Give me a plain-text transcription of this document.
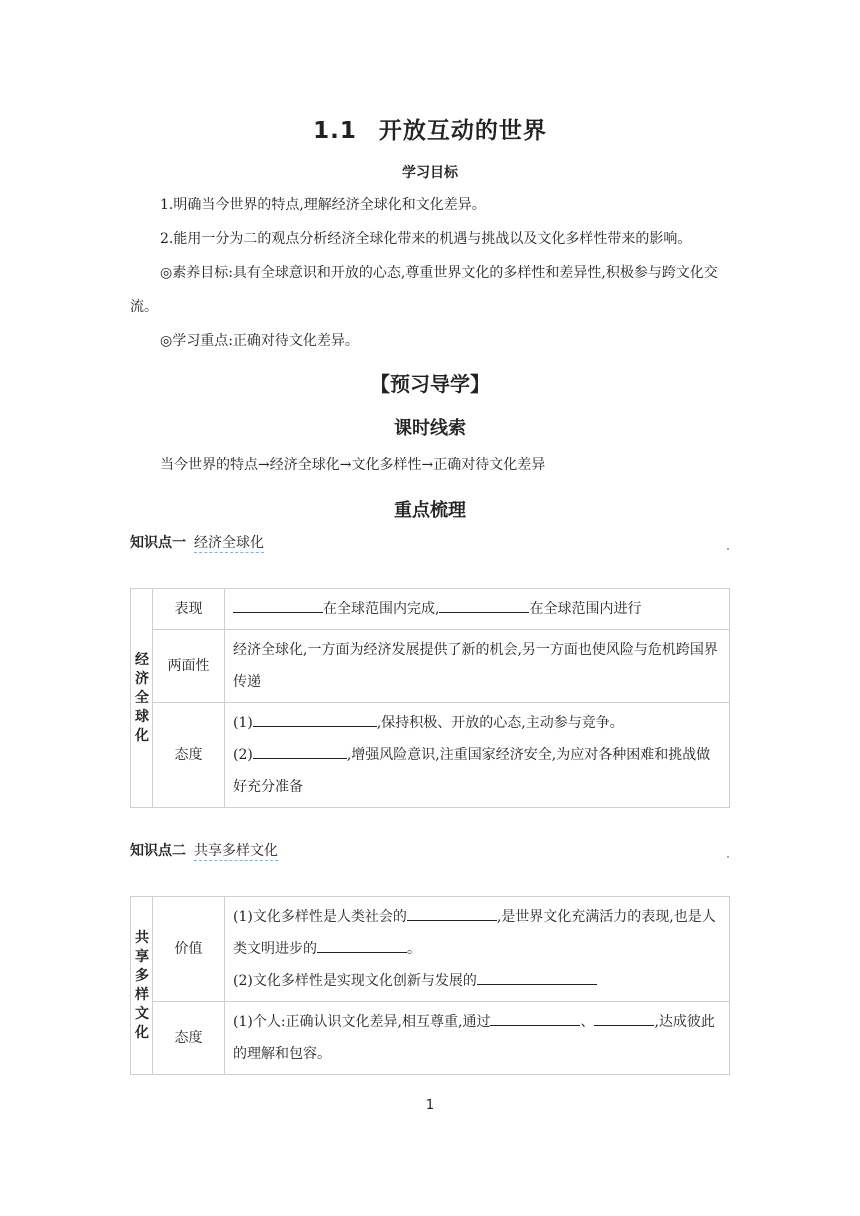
1.1 开放互动的世界
学习目标
1.明确当今世界的特点,理解经济全球化和文化差异。
2.能用一分为二的观点分析经济全球化带来的机遇与挑战以及文化多样性带来的影响。
◎素养目标:具有全球意识和开放的心态,尊重世界文化的多样性和差异性,积极参与跨文化交流。
◎学习重点:正确对待文化差异。
【预习导学】
课时线索
当今世界的特点→经济全球化→文化多样性→正确对待文化差异
重点梳理
知识点一 经济全球化
经济全球化	表现	在全球范围内完成, 在全球范围内进行
	两面性	经济全球化,一方面为经济发展提供了新的机会,另一方面也使风险与危机跨国界传递
	态度	(1) ,保持积极、开放的心态,主动参与竞争。
(2) ,增强风险意识,注重国家经济安全,为应对各种困难和挑战做好充分准备
知识点二 共享多样文化
共享多样文化	价值	(1)文化多样性是人类社会的 ,是世界文化充满活力的表现,也是人类文明进步的 。
(2)文化多样性是实现文化创新与发展的

	态度	(1)个人:正确认识文化差异,相互尊重,通过 、 ,达成彼此的理解和包容。
1
